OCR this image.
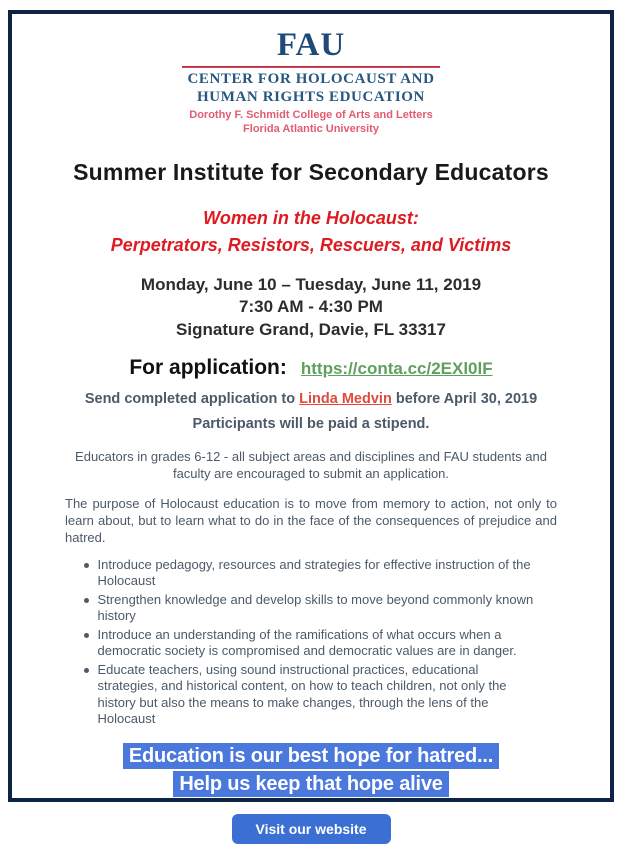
FAU
CENTER FOR HOLOCAUST AND
HUMAN RIGHTS EDUCATION
Dorothy F. Schmidt College of Arts and Letters
Florida Atlantic University
Summer Institute for Secondary Educators
Women in the Holocaust:
Perpetrators, Resistors, Rescuers, and Victims
Monday, June 10 – Tuesday, June 11, 2019
7:30 AM - 4:30 PM
Signature Grand, Davie, FL 33317
For application: https://conta.cc/2EXl0lF
Send completed application to Linda Medvin before April 30, 2019
Participants will be paid a stipend.

Educators in grades 6-12 - all subject areas and disciplines and FAU students and faculty are encouraged to submit an application.

The purpose of Holocaust education is to move from memory to action, not only to learn about, but to learn what to do in the face of the consequences of prejudice and hatred.

Introduce pedagogy, resources and strategies for effective instruction of the Holocaust
Strengthen knowledge and develop skills to move beyond commonly known history
Introduce an understanding of the ramifications of what occurs when a democratic society is compromised and democratic values are in danger.
Educate teachers, using sound instructional practices, educational strategies, and historical content, on how to teach children, not only the history but also the means to make changes, through the lens of the Holocaust
Education is our best hope for hatred...
Help us keep that hope alive
Visit our website
